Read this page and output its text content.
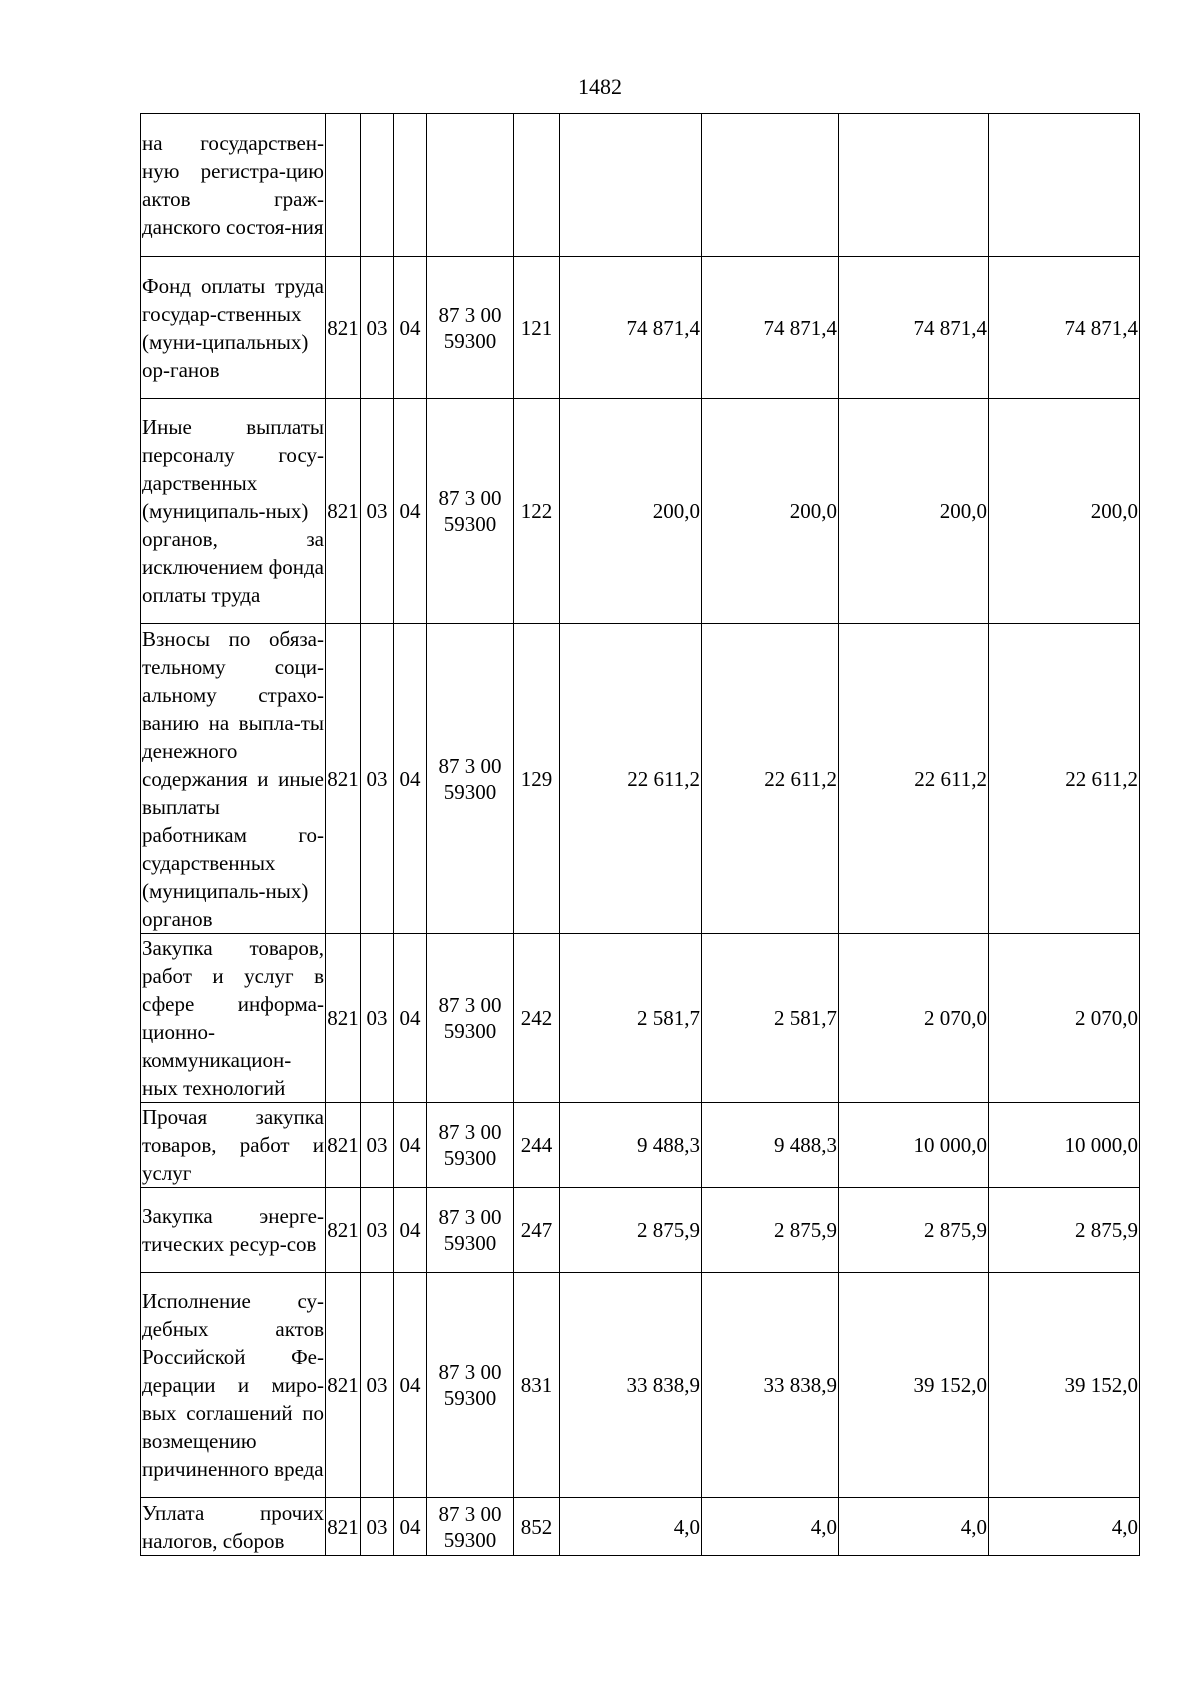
1482
на государствен-ную регистра-цию актов граж-данского состоя-ния									
Фонд оплаты труда государ-ственных (муни-ципальных) ор-ганов	821	03	04	87 3 00 59300	121	74 871,4	74 871,4	74 871,4	74 871,4
Иные выплаты персоналу госу-дарственных (муниципаль-ных) органов, за исключением фонда оплаты труда	821	03	04	87 3 00 59300	122	200,0	200,0	200,0	200,0
Взносы по обяза-тельному соци-альному страхо-ванию на выпла-ты денежного содержания и иные выплаты работникам го-сударственных (муниципаль-ных) органов	821	03	04	87 3 00 59300	129	22 611,2	22 611,2	22 611,2	22 611,2
Закупка товаров, работ и услуг в сфере информа-ционно-коммуникацион-ных технологий	821	03	04	87 3 00 59300	242	2 581,7	2 581,7	2 070,0	2 070,0
Прочая закупка товаров, работ и услуг	821	03	04	87 3 00 59300	244	9 488,3	9 488,3	10 000,0	10 000,0
Закупка энерге-тических ресур-сов	821	03	04	87 3 00 59300	247	2 875,9	2 875,9	2 875,9	2 875,9
Исполнение су-дебных актов Российской Фе-дерации и миро-вых соглашений по возмещению причиненного вреда	821	03	04	87 3 00 59300	831	33 838,9	33 838,9	39 152,0	39 152,0
Уплата прочих налогов, сборов	821	03	04	87 3 00 59300	852	4,0	4,0	4,0	4,0
